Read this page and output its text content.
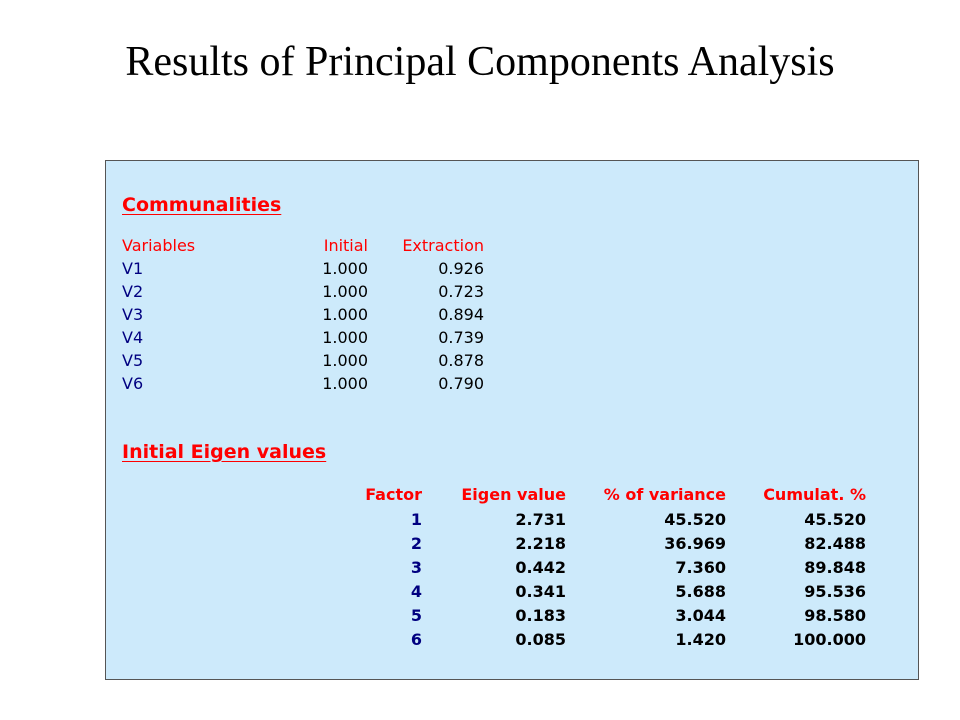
Results of Principal Components Analysis
Communalities
Variables	Initial	Extraction
V1	1.000	0.926
V2	1.000	0.723
V3	1.000	0.894
V4	1.000	0.739
V5	1.000	0.878
V6	1.000	0.790
Initial Eigen values
Factor	Eigen value	% of variance	Cumulat. %
1	2.731	45.520	45.520
2	2.218	36.969	82.488
3	0.442	7.360	89.848
4	0.341	5.688	95.536
5	0.183	3.044	98.580
6	0.085	1.420	100.000
